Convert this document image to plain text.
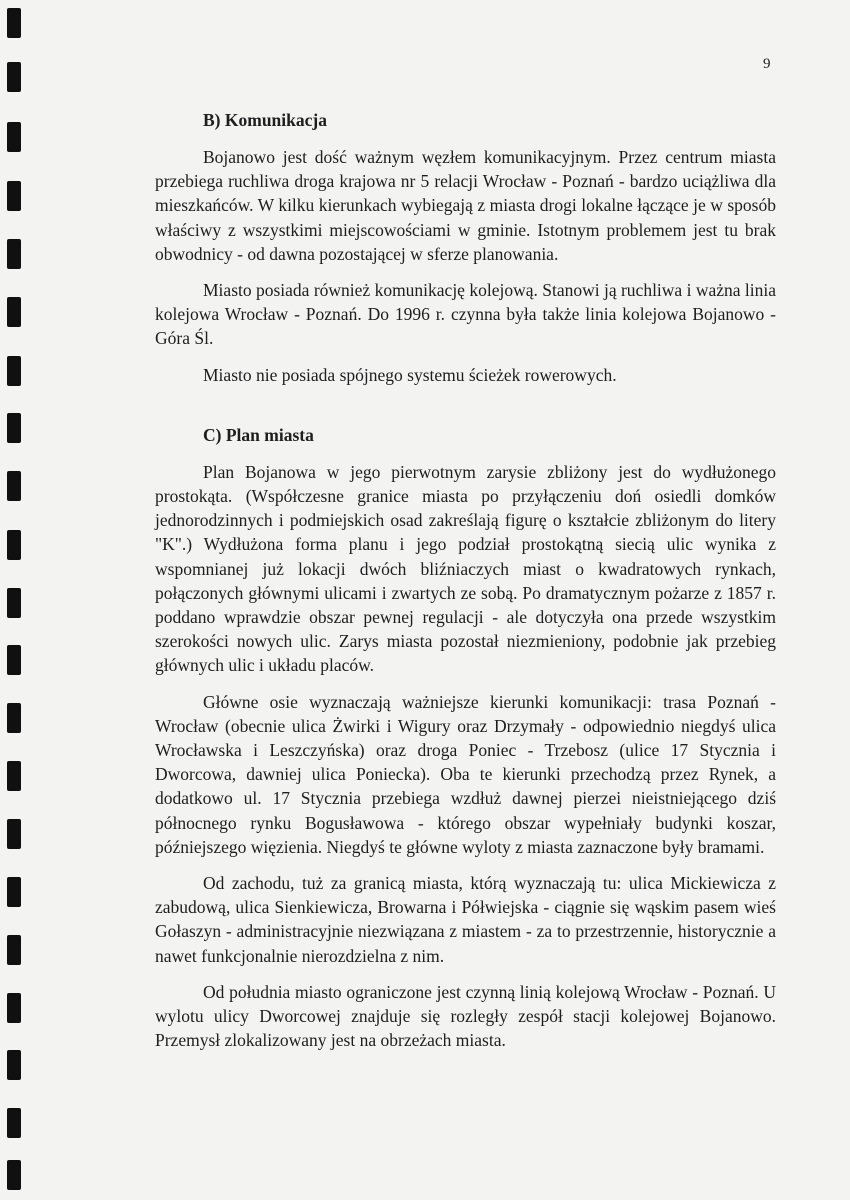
9
B) Komunikacja

Bojanowo jest dość ważnym węzłem komunikacyjnym. Przez centrum miasta przebiega ruchliwa droga krajowa nr 5 relacji Wrocław - Poznań - bardzo uciążliwa dla mieszkańców. W kilku kierunkach wybiegają z miasta drogi lokalne łączące je w sposób właściwy z wszystkimi miejscowościami w gminie. Istotnym problemem jest tu brak obwodnicy - od dawna pozostającej w sferze planowania.

Miasto posiada również komunikację kolejową. Stanowi ją ruchliwa i ważna linia kolejowa Wrocław - Poznań. Do 1996 r. czynna była także linia kolejowa Bojanowo - Góra Śl.

Miasto nie posiada spójnego systemu ścieżek rowerowych.

C) Plan miasta

Plan Bojanowa w jego pierwotnym zarysie zbliżony jest do wydłużonego prostokąta. (Współczesne granice miasta po przyłączeniu doń osiedli domków jednorodzinnych i podmiejskich osad zakreślają figurę o kształcie zbliżonym do litery "K".) Wydłużona forma planu i jego podział prostokątną siecią ulic wynika z wspomnianej już lokacji dwóch bliźniaczych miast o kwadratowych rynkach, połączonych głównymi ulicami i zwartych ze sobą. Po dramatycznym pożarze z 1857 r. poddano wprawdzie obszar pewnej regulacji - ale dotyczyła ona przede wszystkim szerokości nowych ulic. Zarys miasta pozostał niezmieniony, podobnie jak przebieg głównych ulic i układu placów.

Główne osie wyznaczają ważniejsze kierunki komunikacji: trasa Poznań - Wrocław (obecnie ulica Żwirki i Wigury oraz Drzymały - odpowiednio niegdyś ulica Wrocławska i Leszczyńska) oraz droga Poniec - Trzebosz (ulice 17 Stycznia i Dworcowa, dawniej ulica Poniecka). Oba te kierunki przechodzą przez Rynek, a dodatkowo ul. 17 Stycznia przebiega wzdłuż dawnej pierzei nieistniejącego dziś północnego rynku Bogusławowa - którego obszar wypełniały budynki koszar, późniejszego więzienia. Niegdyś te główne wyloty z miasta zaznaczone były bramami.

Od zachodu, tuż za granicą miasta, którą wyznaczają tu: ulica Mickiewicza z zabudową, ulica Sienkiewicza, Browarna i Półwiejska - ciągnie się wąskim pasem wieś Gołaszyn - administracyjnie niezwiązana z miastem - za to przestrzennie, historycznie a nawet funkcjonalnie nierozdzielna z nim.

Od południa miasto ograniczone jest czynną linią kolejową Wrocław - Poznań. U wylotu ulicy Dworcowej znajduje się rozległy zespół stacji kolejowej Bojanowo. Przemysł zlokalizowany jest na obrzeżach miasta.
